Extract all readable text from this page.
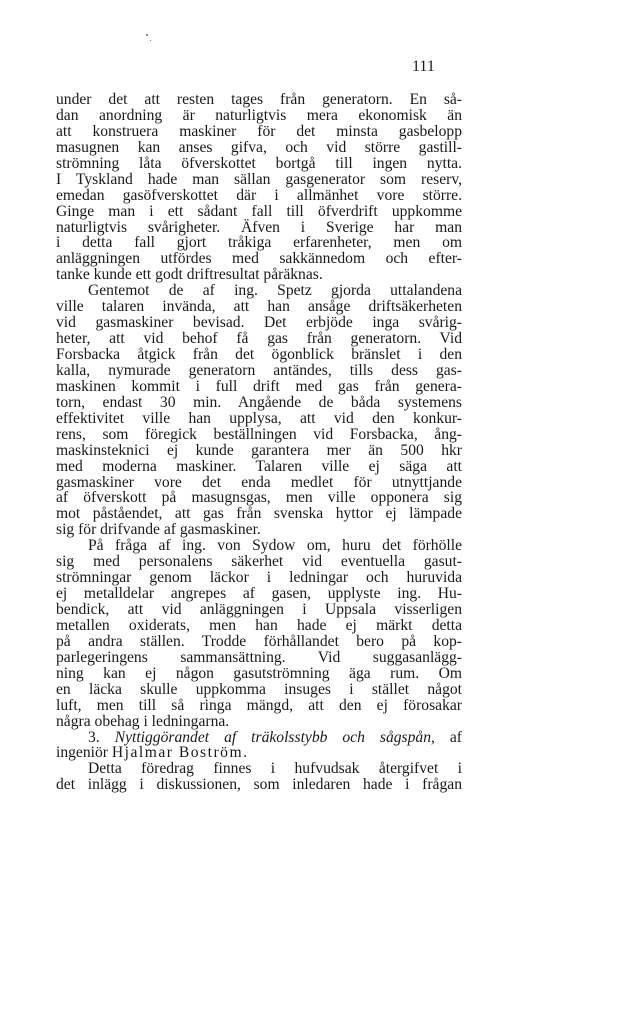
111
under det att resten tages från generatorn. En så-
dan anordning är naturligtvis mera ekonomisk än
att konstruera maskiner för det minsta gasbelopp
masugnen kan anses gifva, och vid större gastill-
strömning låta öfverskottet bortgå till ingen nytta.
I Tyskland hade man sällan gasgenerator som reserv,
emedan gasöfverskottet där i allmänhet vore större.
Ginge man i ett sådant fall till öfverdrift uppkomme
naturligtvis svårigheter. Äfven i Sverige har man
i detta fall gjort tråkiga erfarenheter, men om
anläggningen utfördes med sakkännedom och efter-
tanke kunde ett godt driftresultat påräknas.
Gentemot de af ing. Spetz gjorda uttalandena
ville talaren invända, att han ansåge driftsäkerheten
vid gasmaskiner bevisad. Det erbjöde inga svårig-
heter, att vid behof få gas från generatorn. Vid
Forsbacka åtgick från det ögonblick bränslet i den
kalla, nymurade generatorn antändes, tills dess gas-
maskinen kommit i full drift med gas från genera-
torn, endast 30 min. Angående de båda systemens
effektivitet ville han upplysa, att vid den konkur-
rens, som föregick beställningen vid Forsbacka, ång-
maskinsteknici ej kunde garantera mer än 500 hkr
med moderna maskiner. Talaren ville ej säga att
gasmaskiner vore det enda medlet för utnyttjande
af öfverskott på masugnsgas, men ville opponera sig
mot påståendet, att gas från svenska hyttor ej lämpade
sig för drifvande af gasmaskiner.
På fråga af ing. von Sydow om, huru det förhölle
sig med personalens säkerhet vid eventuella gasut-
strömningar genom läckor i ledningar och huruvida
ej metalldelar angrepes af gasen, upplyste ing. Hu-
bendick, att vid anläggningen i Uppsala visserligen
metallen oxiderats, men han hade ej märkt detta
på andra ställen. Trodde förhållandet bero på kop-
parlegeringens sammansättning. Vid suggasanlägg-
ning kan ej någon gasutströmning äga rum. Om
en läcka skulle uppkomma insuges i stället något
luft, men till så ringa mängd, att den ej förosakar
några obehag i ledningarna.
3. Nyttiggörandet af träkolsstybb och sågspån, af
ingeniör Hjalmar Boström.
Detta föredrag finnes i hufvudsak återgifvet i
det inlägg i diskussionen, som inledaren hade i frågan
